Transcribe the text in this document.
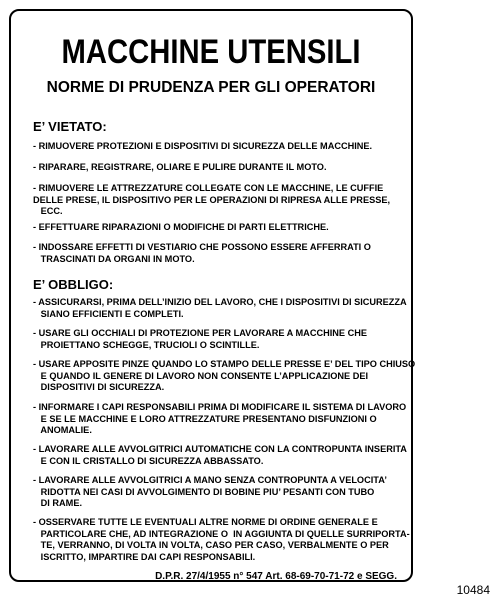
MACCHINE UTENSILI
NORME DI PRUDENZA PER GLI OPERATORI
E’ VIETATO:
- RIMUOVERE PROTEZIONI E DISPOSITIVI DI SICUREZZA DELLE MACCHINE.
- RIPARARE, REGISTRARE, OLIARE E PULIRE DURANTE IL MOTO.
- RIMUOVERE LE ATTREZZATURE COLLEGATE CON LE MACCHINE, LE CUFFIE
DELLE PRESE, IL DISPOSITIVO PER LE OPERAZIONI DI RIPRESA ALLE PRESSE,
ECC.
- EFFETTUARE RIPARAZIONI O MODIFICHE DI PARTI ELETTRICHE.
- INDOSSARE EFFETTI DI VESTIARIO CHE POSSONO ESSERE AFFERRATI O
TRASCINATI DA ORGANI IN MOTO.
E’ OBBLIGO:
- ASSICURARSI, PRIMA DELL’INIZIO DEL LAVORO, CHE I DISPOSITIVI DI SICUREZZA
SIANO EFFICIENTI E COMPLETI.
- USARE GLI OCCHIALI DI PROTEZIONE PER LAVORARE A MACCHINE CHE
PROIETTANO SCHEGGE, TRUCIOLI O SCINTILLE.
- USARE APPOSITE PINZE QUANDO LO STAMPO DELLE PRESSE E’ DEL TIPO CHIUSO
E QUANDO IL GENERE DI LAVORO NON CONSENTE L’APPLICAZIONE DEI
DISPOSITIVI DI SICUREZZA.
- INFORMARE I CAPI RESPONSABILI PRIMA DI MODIFICARE IL SISTEMA DI LAVORO
E SE LE MACCHINE E LORO ATTREZZATURE PRESENTANO DISFUNZIONI O
ANOMALIE.
- LAVORARE ALLE AVVOLGITRICI AUTOMATICHE CON LA CONTROPUNTA INSERITA
E CON IL CRISTALLO DI SICUREZZA ABBASSATO.
- LAVORARE ALLE AVVOLGITRICI A MANO SENZA CONTROPUNTA A VELOCITA’
RIDOTTA NEI CASI DI AVVOLGIMENTO DI BOBINE PIU’ PESANTI CON TUBO
DI RAME.
- OSSERVARE TUTTE LE EVENTUALI ALTRE NORME DI ORDINE GENERALE E
PARTICOLARE CHE, AD INTEGRAZIONE O  IN AGGIUNTA DI QUELLE SURRIPORTA-
TE, VERRANNO, DI VOLTA IN VOLTA, CASO PER CASO, VERBALMENTE O PER
ISCRITTO, IMPARTIRE DAI CAPI RESPONSABILI.
D.P.R. 27/4/1955 n° 547 Art. 68-69-70-71-72 e SEGG.
10484
